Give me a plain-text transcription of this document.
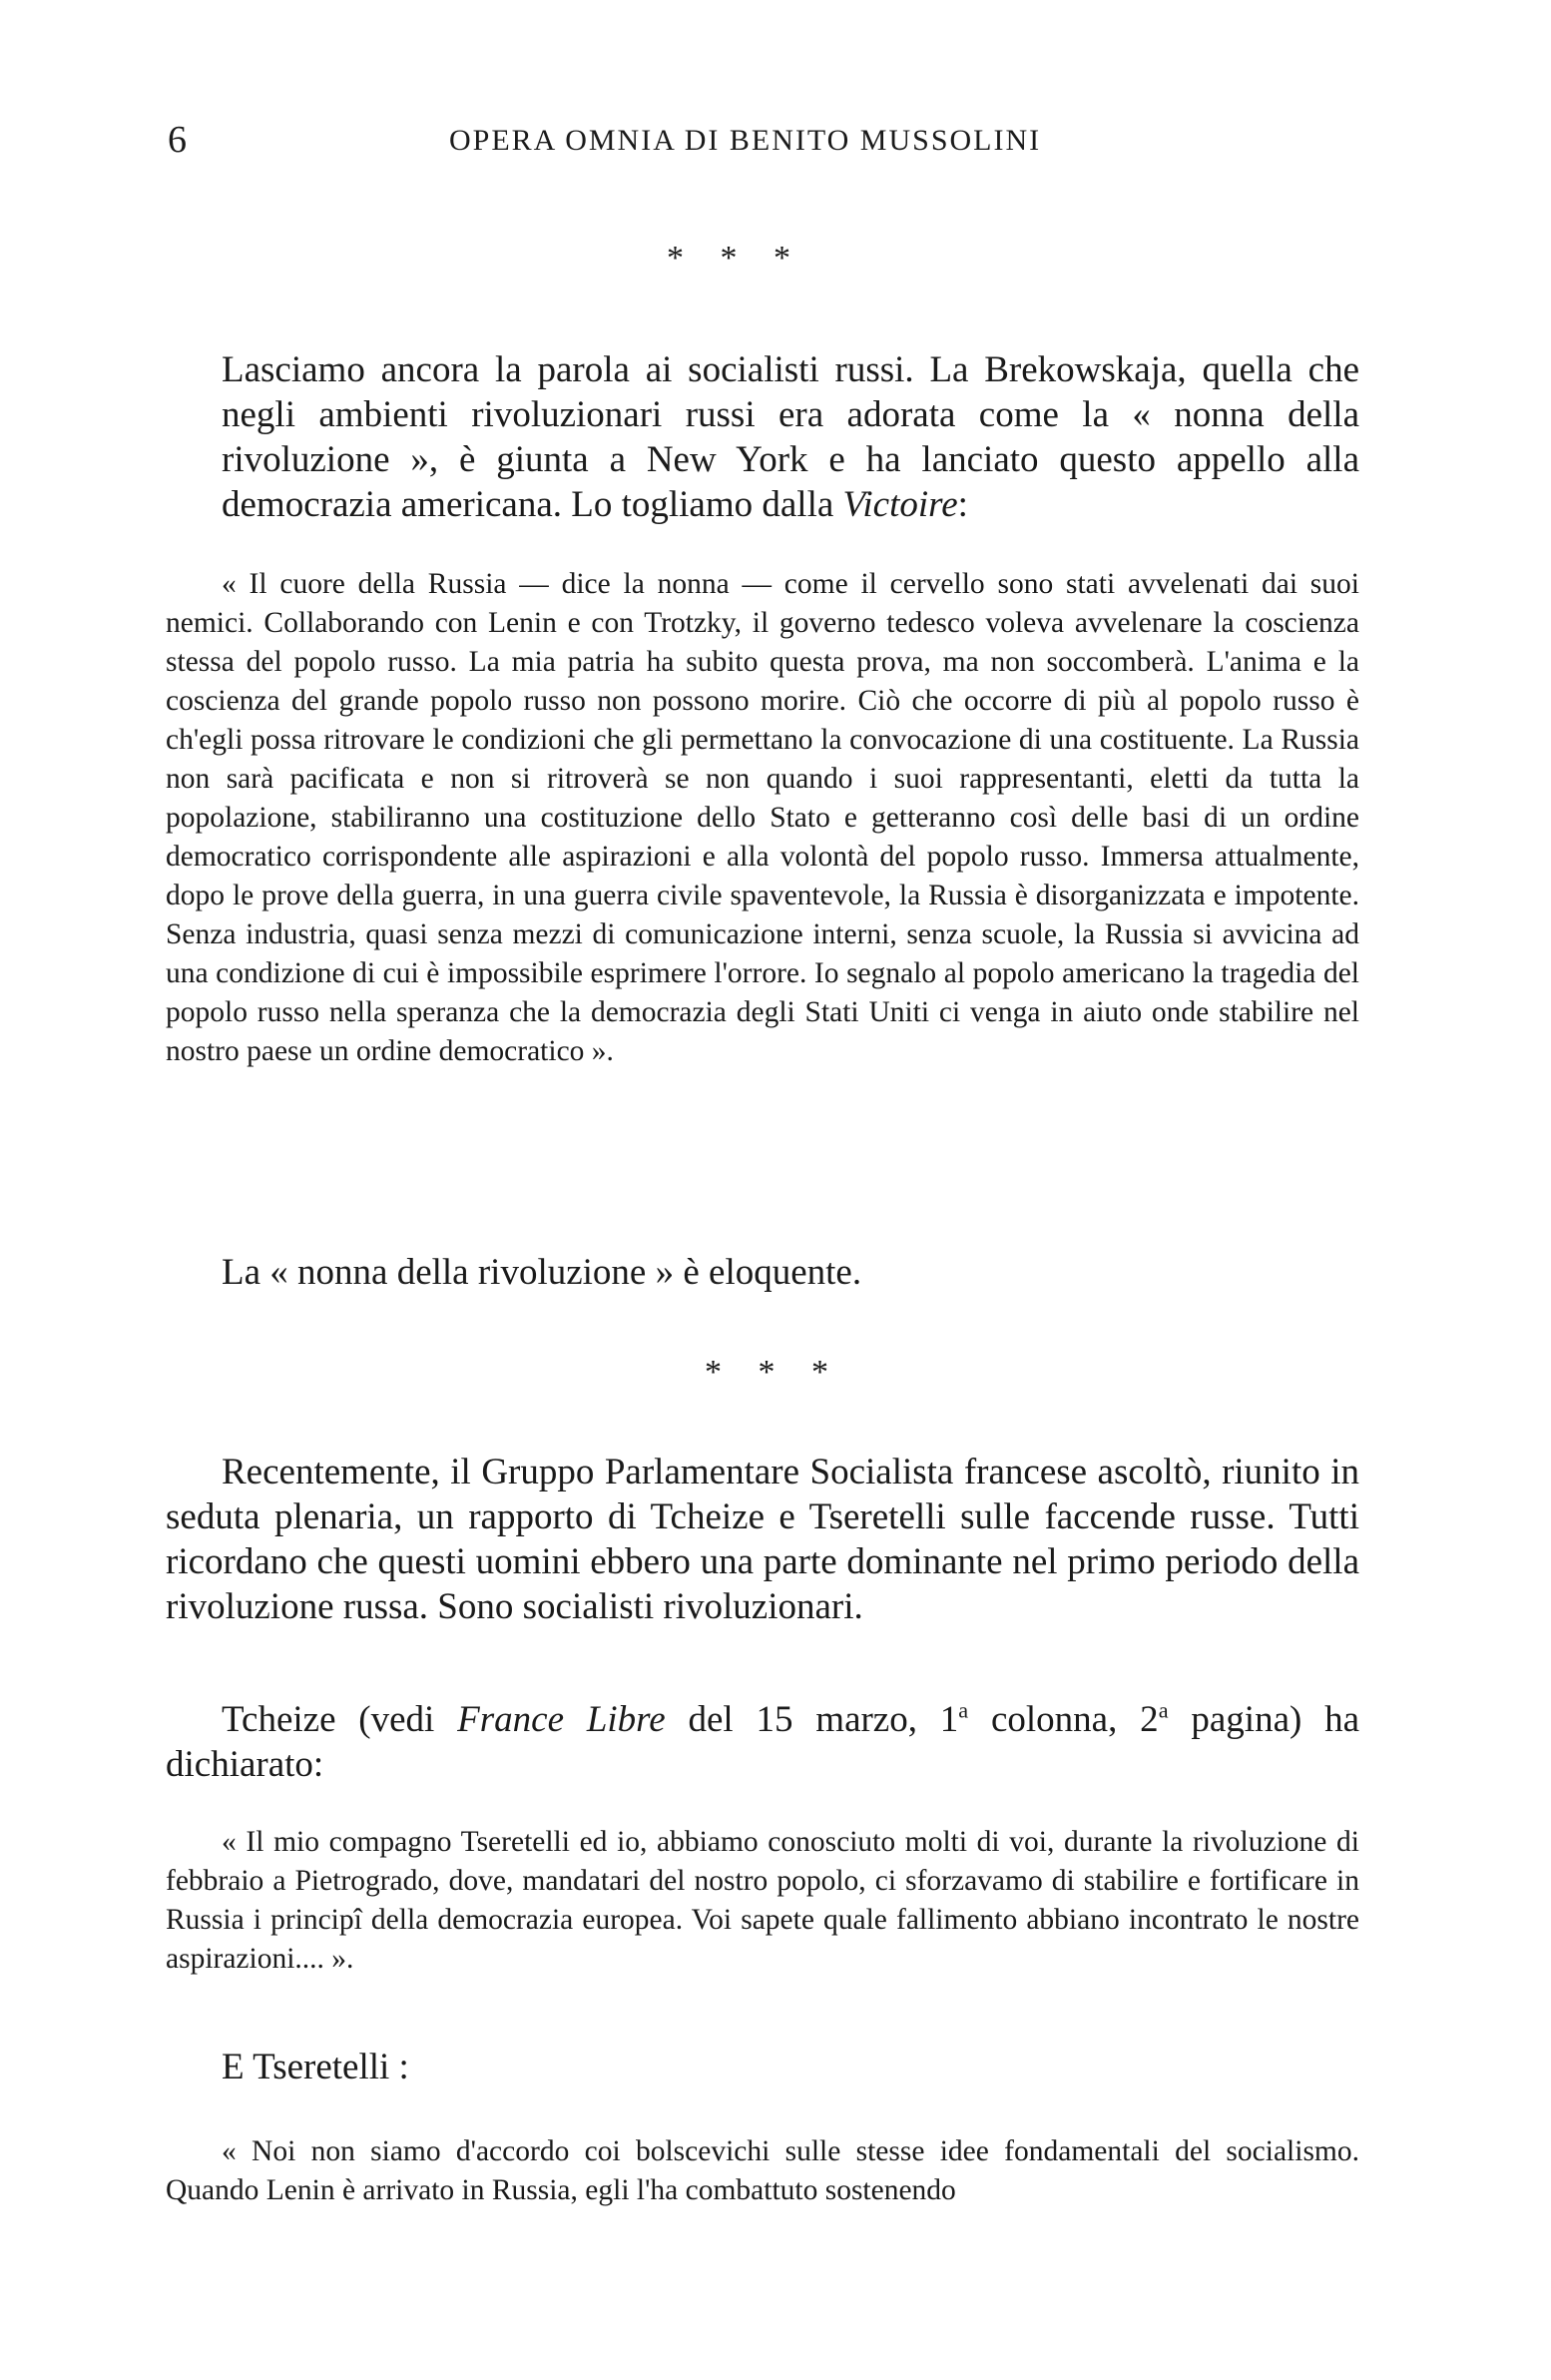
6	OPERA OMNIA DI BENITO MUSSOLINI
* * *

Lasciamo ancora la parola ai socialisti russi. La Brekowskaja, quella che negli ambienti rivoluzionari russi era adorata come la « nonna della rivoluzione », è giunta a New York e ha lanciato questo appello alla democrazia americana. Lo togliamo dalla Victoire:

« Il cuore della Russia — dice la nonna — come il cervello sono stati avvelenati dai suoi nemici. Collaborando con Lenin e con Trotzky, il governo tedesco voleva avvelenare la coscienza stessa del popolo russo. La mia patria ha subito questa prova, ma non soccomberà. L'anima e la coscienza del grande popolo russo non possono morire. Ciò che occorre di più al popolo russo è ch'egli possa ritrovare le condizioni che gli permettano la convocazione di una costituente. La Russia non sarà pacificata e non si ritroverà se non quando i suoi rappresentanti, eletti da tutta la popolazione, stabiliranno una costituzione dello Stato e getteranno così delle basi di un ordine democratico corrispondente alle aspirazioni e alla volontà del popolo russo. Immersa attualmente, dopo le prove della guerra, in una guerra civile spaventevole, la Russia è disorganizzata e impotente. Senza industria, quasi senza mezzi di comunicazione interni, senza scuole, la Russia si avvicina ad una condizione di cui è impossibile esprimere l'orrore. Io segnalo al popolo americano la tragedia del popolo russo nella speranza che la democrazia degli Stati Uniti ci venga in aiuto onde stabilire nel nostro paese un ordine democratico ».

La « nonna della rivoluzione » è eloquente.

* * *

Recentemente, il Gruppo Parlamentare Socialista francese ascoltò, riunito in seduta plenaria, un rapporto di Tcheize e Tseretelli sulle faccende russe. Tutti ricordano che questi uomini ebbero una parte dominante nel primo periodo della rivoluzione russa. Sono socialisti rivoluzionari.

Tcheize (vedi France Libre del 15 marzo, 1$^a$ colonna, 2$^a$ pagina) ha dichiarato:

« Il mio compagno Tseretelli ed io, abbiamo conosciuto molti di voi, durante la rivoluzione di febbraio a Pietrogrado, dove, mandatari del nostro popolo, ci sforzavamo di stabilire e fortificare in Russia i principî della democrazia europea. Voi sapete quale fallimento abbiano incontrato le nostre aspirazioni.... ».

E Tseretelli :

« Noi non siamo d'accordo coi bolscevichi sulle stesse idee fondamentali del socialismo. Quando Lenin è arrivato in Russia, egli l'ha combattuto sostenendo
